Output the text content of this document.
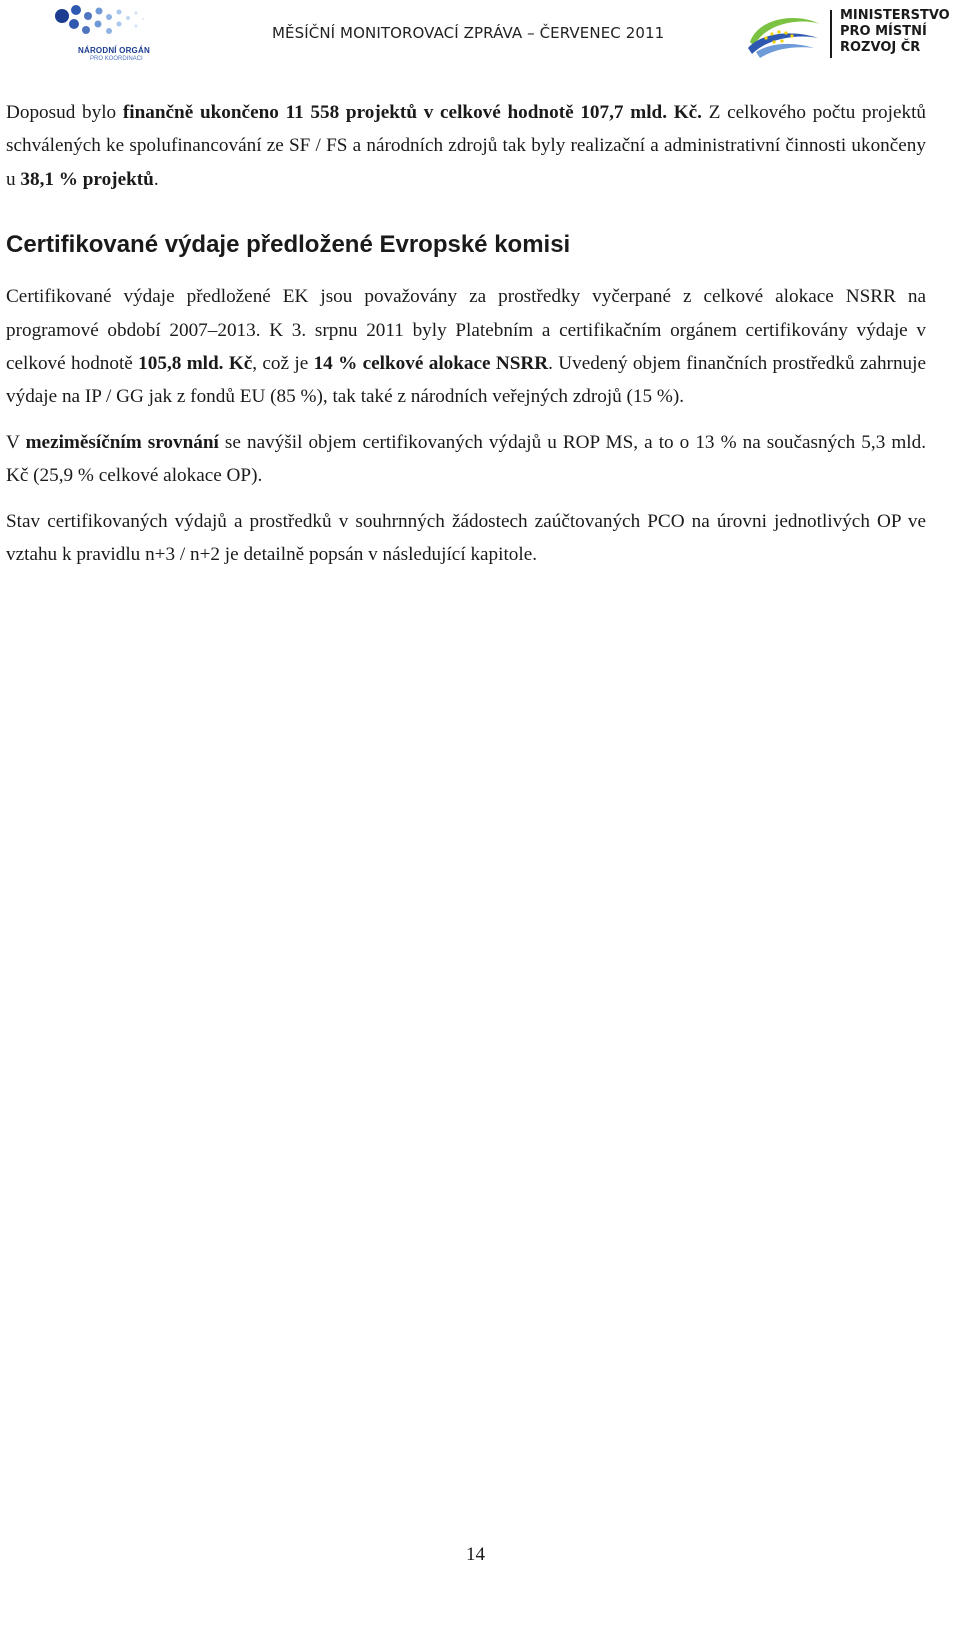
NÁRODNÍ ORGÁN
PRO KOORDINACI
MĚSÍČNÍ MONITOROVACÍ ZPRÁVA – ČERVENEC 2011
MINISTERSTVO
PRO MÍSTNÍ
ROZVOJ ČR

Doposud bylo finančně ukončeno 11 558 projektů v celkové hodnotě 107,7 mld. Kč. Z celkového počtu projektů schválených ke spolufinancování ze SF / FS a národních zdrojů tak byly realizační a administrativní činnosti ukončeny u 38,1 % projektů.

Certifikované výdaje předložené Evropské komisi

Certifikované výdaje předložené EK jsou považovány za prostředky vyčerpané z celkové alokace NSRR na programové období 2007–2013. K 3. srpnu 2011 byly Platebním a certifikačním orgánem certifikovány výdaje v celkové hodnotě 105,8 mld. Kč, což je 14 % celkové alokace NSRR. Uvedený objem finančních prostředků zahrnuje výdaje na IP / GG jak z fondů EU (85 %), tak také z národních veřejných zdrojů (15 %).

V meziměsíčním srovnání se navýšil objem certifikovaných výdajů u ROP MS, a to o 13 % na současných 5,3 mld. Kč (25,9 % celkové alokace OP).

Stav certifikovaných výdajů a prostředků v souhrnných žádostech zaúčtovaných PCO na úrovni jednotlivých OP ve vztahu k pravidlu n+3 / n+2 je detailně popsán v následující kapitole.

14
